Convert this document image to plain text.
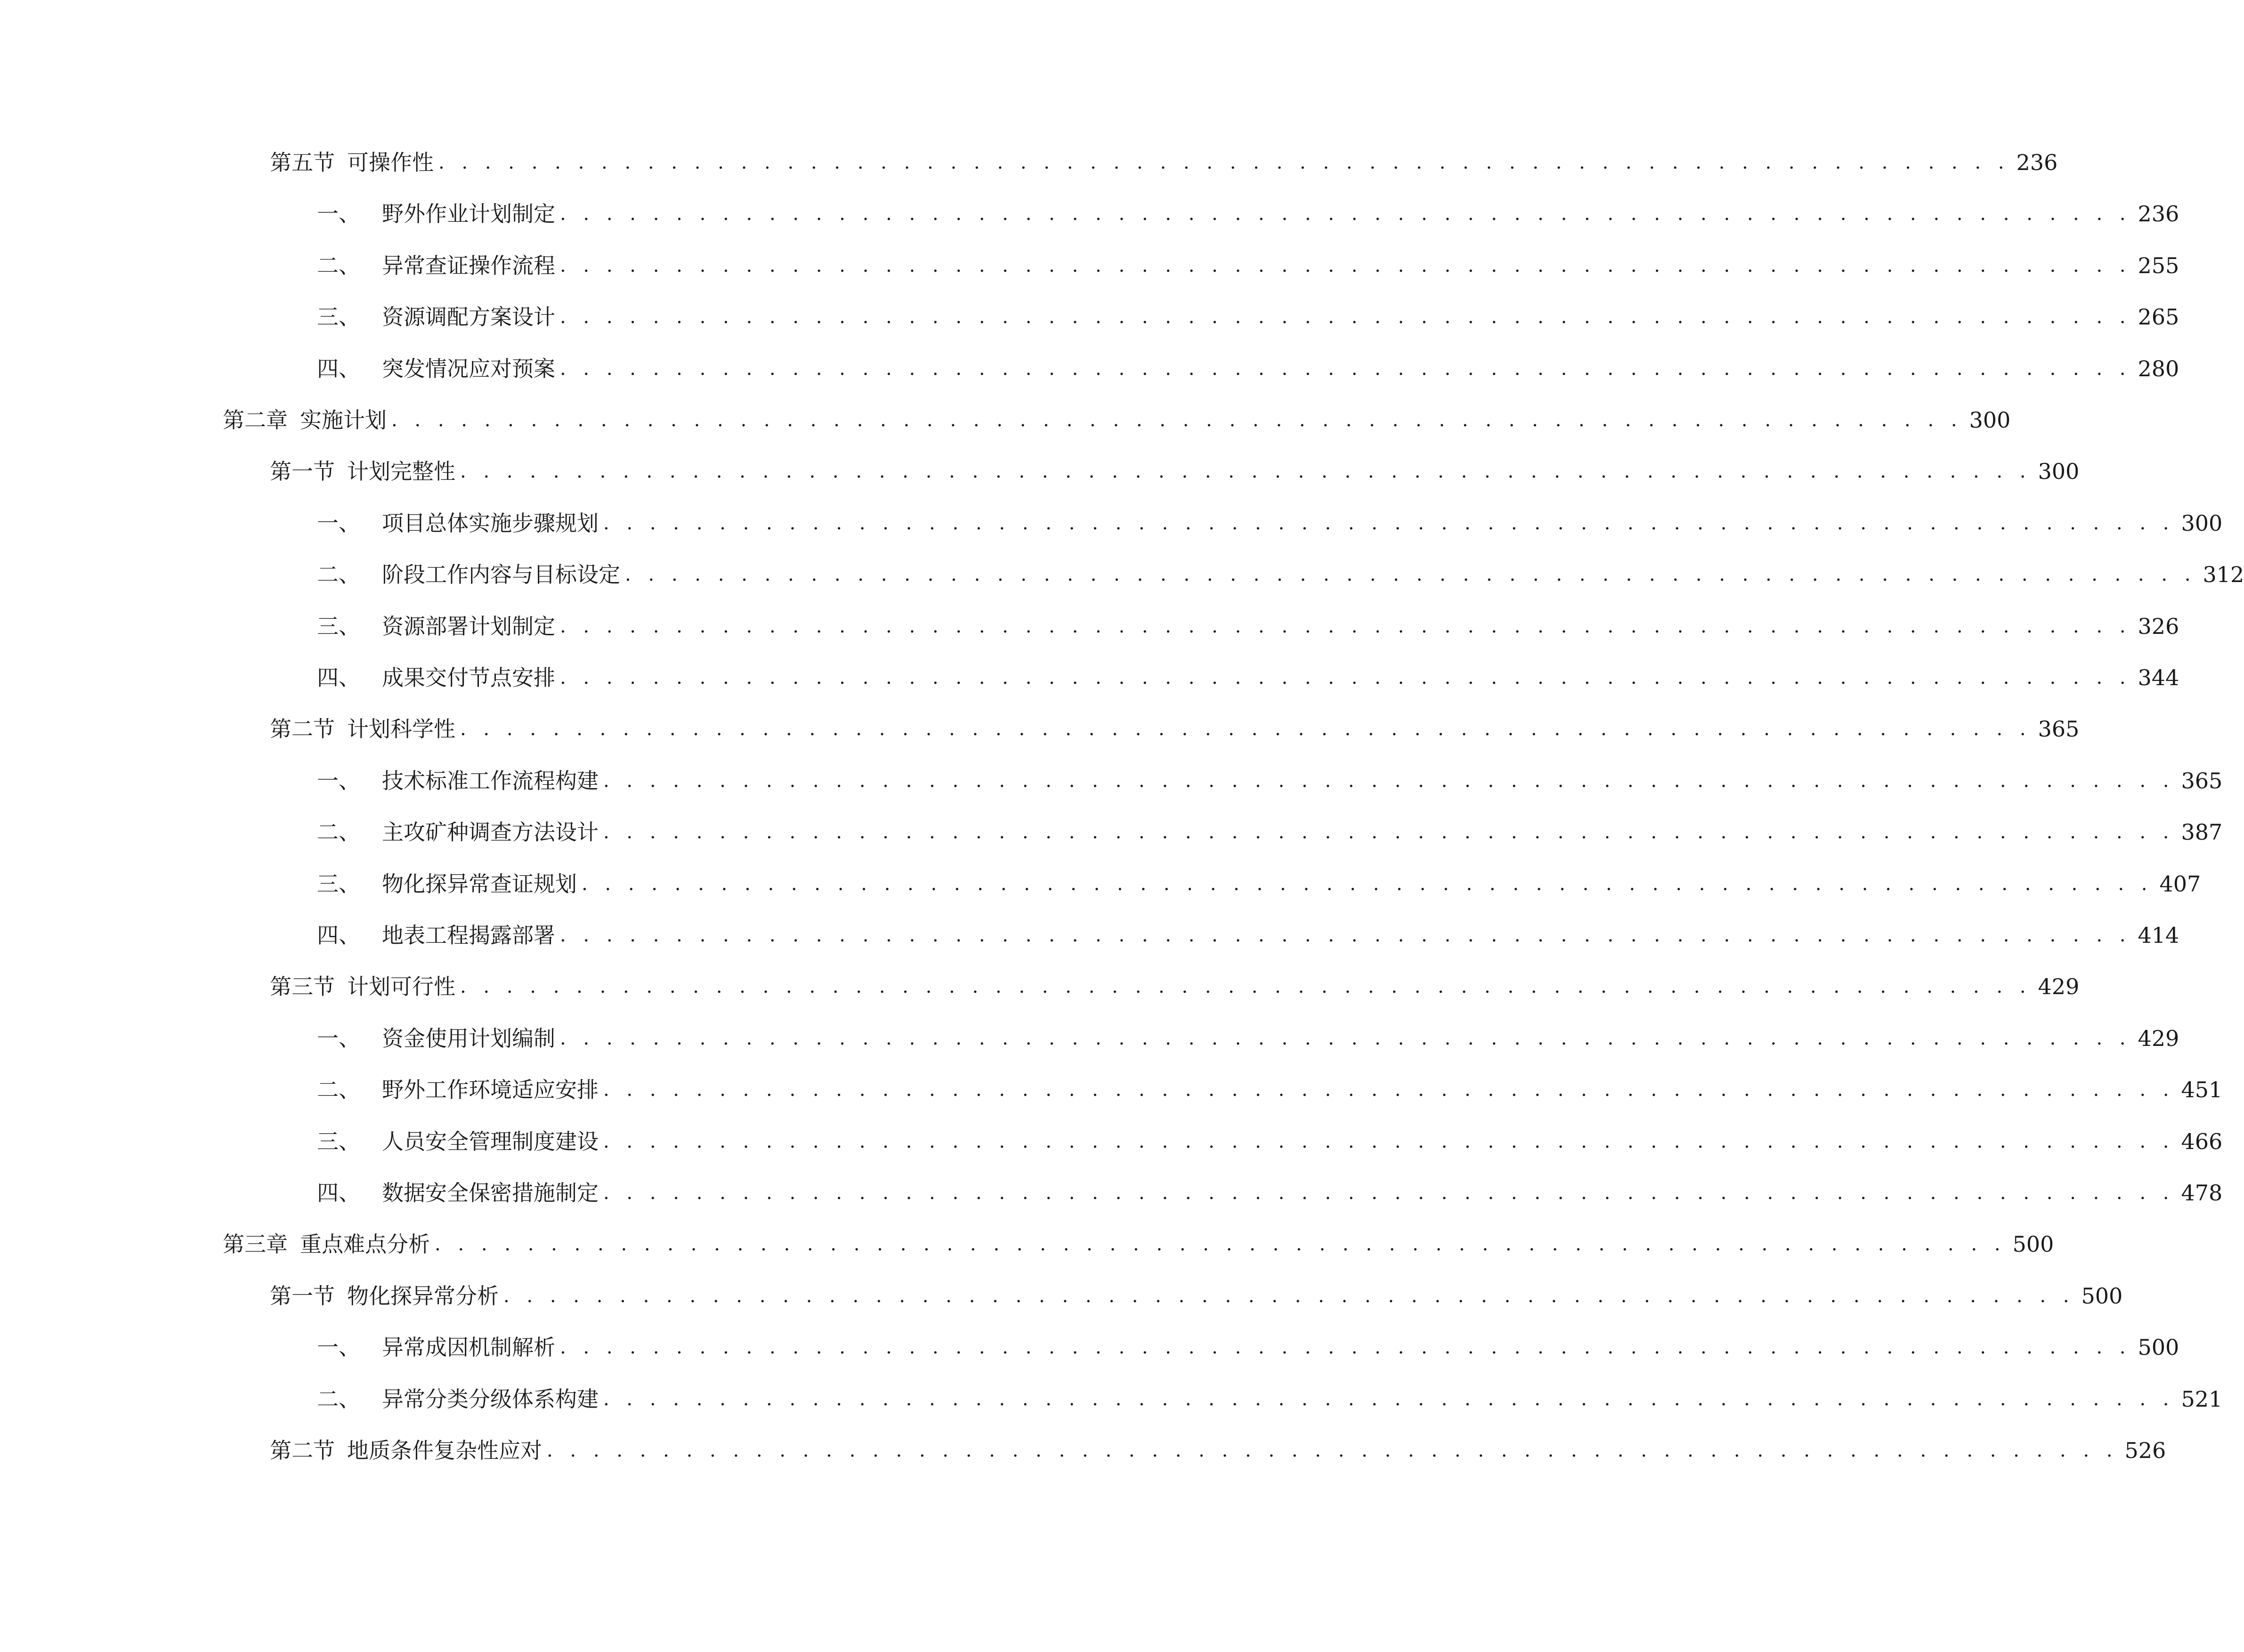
第五节 可操作性 . . . . . . . . . . . . . . . . . . . . . . . . . . . . . . . . . . . . . . . . . . . . . . . . . . . . . . . . . . . . . . . . . . . . 236
一、 野外作业计划制定 . . . . . . . . . . . . . . . . . . . . . . . . . . . . . . . . . . . . . . . . . . . . . . . . . . . . . . . . . . . . . . . . . . . . 236
二、 异常查证操作流程 . . . . . . . . . . . . . . . . . . . . . . . . . . . . . . . . . . . . . . . . . . . . . . . . . . . . . . . . . . . . . . . . . . . . 255
三、 资源调配方案设计 . . . . . . . . . . . . . . . . . . . . . . . . . . . . . . . . . . . . . . . . . . . . . . . . . . . . . . . . . . . . . . . . . . . . 265
四、 突发情况应对预案 . . . . . . . . . . . . . . . . . . . . . . . . . . . . . . . . . . . . . . . . . . . . . . . . . . . . . . . . . . . . . . . . . . . . 280
第二章 实施计划 . . . . . . . . . . . . . . . . . . . . . . . . . . . . . . . . . . . . . . . . . . . . . . . . . . . . . . . . . . . . . . . . . . . . 300
第一节 计划完整性 . . . . . . . . . . . . . . . . . . . . . . . . . . . . . . . . . . . . . . . . . . . . . . . . . . . . . . . . . . . . . . . . . . . . 300
一、 项目总体实施步骤规划 . . . . . . . . . . . . . . . . . . . . . . . . . . . . . . . . . . . . . . . . . . . . . . . . . . . . . . . . . . . . . . . . . . . . 300
二、 阶段工作内容与目标设定 . . . . . . . . . . . . . . . . . . . . . . . . . . . . . . . . . . . . . . . . . . . . . . . . . . . . . . . . . . . . . . . . . . . . 312
三、 资源部署计划制定 . . . . . . . . . . . . . . . . . . . . . . . . . . . . . . . . . . . . . . . . . . . . . . . . . . . . . . . . . . . . . . . . . . . . 326
四、 成果交付节点安排 . . . . . . . . . . . . . . . . . . . . . . . . . . . . . . . . . . . . . . . . . . . . . . . . . . . . . . . . . . . . . . . . . . . . 344
第二节 计划科学性 . . . . . . . . . . . . . . . . . . . . . . . . . . . . . . . . . . . . . . . . . . . . . . . . . . . . . . . . . . . . . . . . . . . . 365
一、 技术标准工作流程构建 . . . . . . . . . . . . . . . . . . . . . . . . . . . . . . . . . . . . . . . . . . . . . . . . . . . . . . . . . . . . . . . . . . . . 365
二、 主攻矿种调查方法设计 . . . . . . . . . . . . . . . . . . . . . . . . . . . . . . . . . . . . . . . . . . . . . . . . . . . . . . . . . . . . . . . . . . . . 387
三、 物化探异常查证规划 . . . . . . . . . . . . . . . . . . . . . . . . . . . . . . . . . . . . . . . . . . . . . . . . . . . . . . . . . . . . . . . . . . . . 407
四、 地表工程揭露部署 . . . . . . . . . . . . . . . . . . . . . . . . . . . . . . . . . . . . . . . . . . . . . . . . . . . . . . . . . . . . . . . . . . . . 414
第三节 计划可行性 . . . . . . . . . . . . . . . . . . . . . . . . . . . . . . . . . . . . . . . . . . . . . . . . . . . . . . . . . . . . . . . . . . . . 429
一、 资金使用计划编制 . . . . . . . . . . . . . . . . . . . . . . . . . . . . . . . . . . . . . . . . . . . . . . . . . . . . . . . . . . . . . . . . . . . . 429
二、 野外工作环境适应安排 . . . . . . . . . . . . . . . . . . . . . . . . . . . . . . . . . . . . . . . . . . . . . . . . . . . . . . . . . . . . . . . . . . . . 451
三、 人员安全管理制度建设 . . . . . . . . . . . . . . . . . . . . . . . . . . . . . . . . . . . . . . . . . . . . . . . . . . . . . . . . . . . . . . . . . . . . 466
四、 数据安全保密措施制定 . . . . . . . . . . . . . . . . . . . . . . . . . . . . . . . . . . . . . . . . . . . . . . . . . . . . . . . . . . . . . . . . . . . . 478
第三章 重点难点分析 . . . . . . . . . . . . . . . . . . . . . . . . . . . . . . . . . . . . . . . . . . . . . . . . . . . . . . . . . . . . . . . . . . . . 500
第一节 物化探异常分析 . . . . . . . . . . . . . . . . . . . . . . . . . . . . . . . . . . . . . . . . . . . . . . . . . . . . . . . . . . . . . . . . . . . . 500
一、 异常成因机制解析 . . . . . . . . . . . . . . . . . . . . . . . . . . . . . . . . . . . . . . . . . . . . . . . . . . . . . . . . . . . . . . . . . . . . 500
二、 异常分类分级体系构建 . . . . . . . . . . . . . . . . . . . . . . . . . . . . . . . . . . . . . . . . . . . . . . . . . . . . . . . . . . . . . . . . . . . . 521
第二节 地质条件复杂性应对 . . . . . . . . . . . . . . . . . . . . . . . . . . . . . . . . . . . . . . . . . . . . . . . . . . . . . . . . . . . . . . . . . . . . 526
